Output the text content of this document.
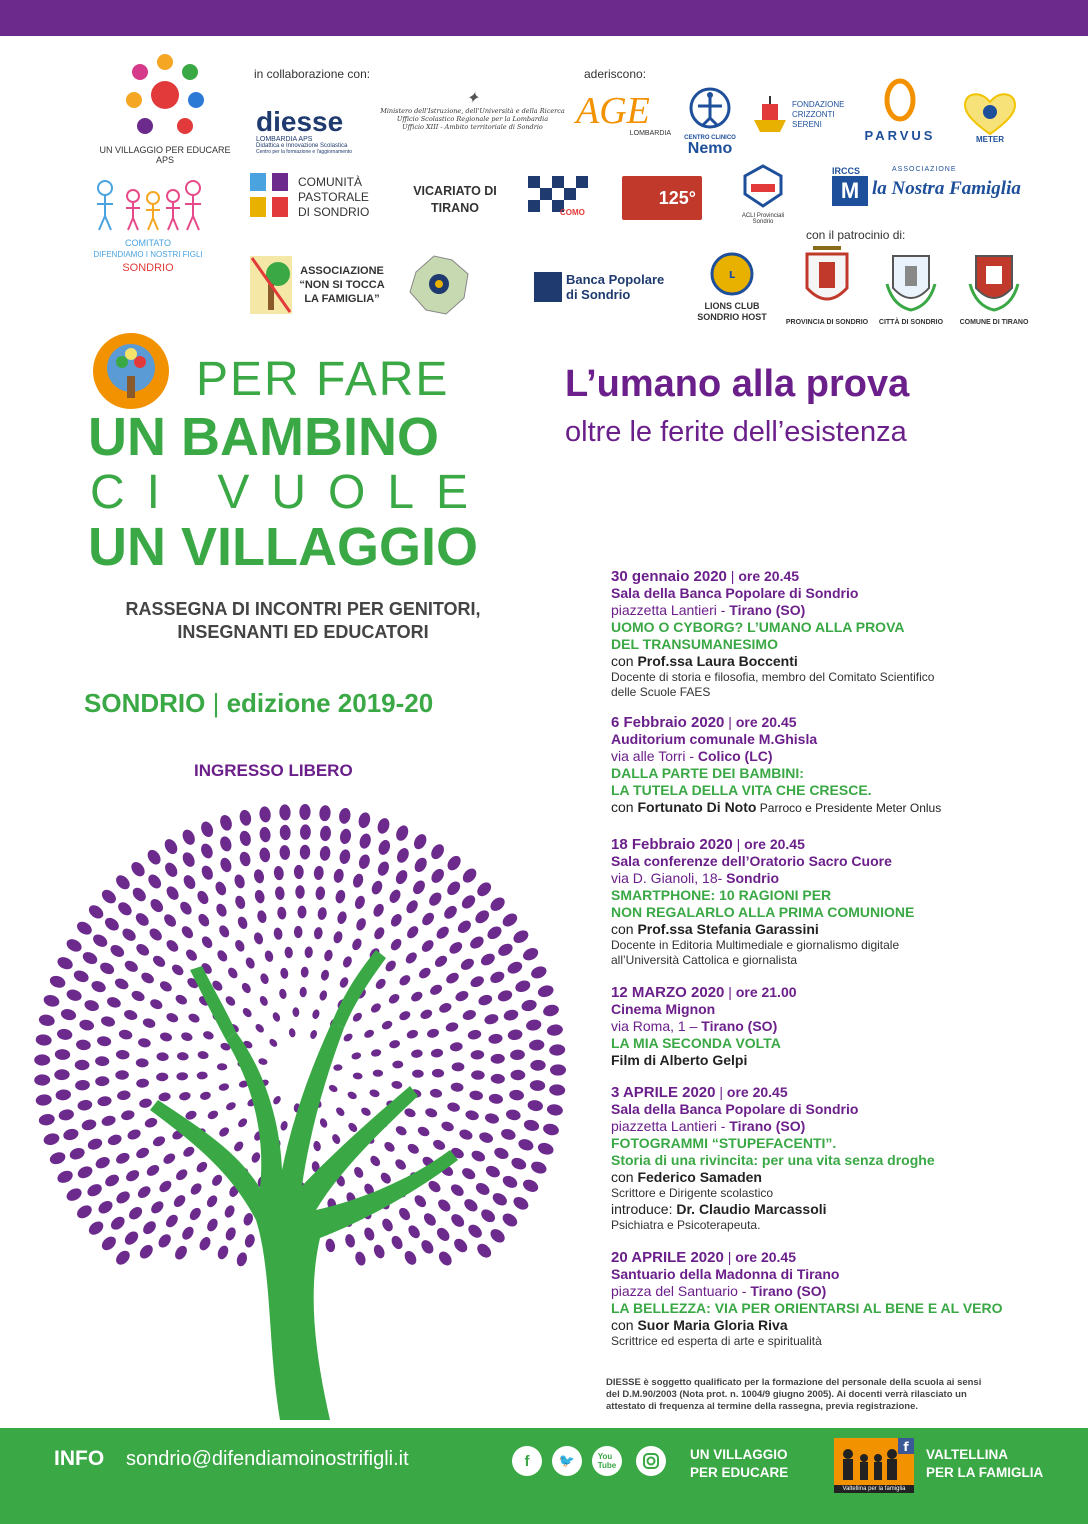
in collaborazione con:	aderiscono:
con il patrocinio di:
UN VILLAGGIO PER EDUCARE APS
COMITATO
DIFENDIAMO I NOSTRI FIGLI
SONDRIO
diesse
LOMBARDIA APS
Didattica e Innovazione Scolastica
Centro per la formazione e l'aggiornamento
✦
Ministero dell'Istruzione, dell'Università e della Ricerca
Ufficio Scolastico Regionale per la Lombardia
Ufficio XIII - Ambito territoriale di Sondrio AGE
LOMBARDIA
CENTRO CLINICO
Nemo
FONDAZIONE CRIZZONTI SERENI
PARVUS	METER
COMUNITÀ PASTORALE DI SONDRIO
VICARIATO DI TIRANO	COMO
125°
ACLI Provinciali Sondrio
IRCCS	ASSOCIAZIONE
M la Nostra Famiglia
ASSOCIAZIONE “NON SI TOCCA LA FAMIGLIA”
Banca Popolare di Sondrio
L
LIONS CLUB SONDRIO HOST
PROVINCIA DI SONDRIO	CITTÀ DI SONDRIO	COMUNE DI TIRANO
PER FARE
UN BAMBINO
CI VUOLE
UN VILLAGGIO
RASSEGNA DI INCONTRI PER GENITORI,
INSEGNANTI ED EDUCATORI
SONDRIO | edizione 2019-20
INGRESSO LIBERO
L’umano alla prova
oltre le ferite dell’esistenza
30 gennaio 2020 | ore 20.45
Sala della Banca Popolare di Sondrio
piazzetta Lantieri - Tirano (SO)
UOMO O CYBORG? L’UMANO ALLA PROVA
DEL TRANSUMANESIMO
con Prof.ssa Laura Boccenti
Docente di storia e filosofia, membro del Comitato Scientifico
delle Scuole FAES
6 Febbraio 2020 | ore 20.45
Auditorium comunale M.Ghisla
via alle Torri - Colico (LC)
DALLA PARTE DEI BAMBINI:
LA TUTELA DELLA VITA CHE CRESCE.
con Fortunato Di Noto Parroco e Presidente Meter Onlus
18 Febbraio 2020 | ore 20.45
Sala conferenze dell’Oratorio Sacro Cuore
via D. Gianoli, 18- Sondrio
SMARTPHONE: 10 RAGIONI PER
NON REGALARLO ALLA PRIMA COMUNIONE
con Prof.ssa Stefania Garassini
Docente in Editoria Multimediale e giornalismo digitale
all’Università Cattolica e giornalista
12 MARZO 2020 | ore 21.00
Cinema Mignon
via Roma, 1 – Tirano (SO)
LA MIA SECONDA VOLTA
Film di Alberto Gelpi
3 APRILE 2020 | ore 20.45
Sala della Banca Popolare di Sondrio
piazzetta Lantieri - Tirano (SO)
FOTOGRAMMI “STUPEFACENTI”.
Storia di una rivincita: per una vita senza droghe
con Federico Samaden
Scrittore e Dirigente scolastico
introduce: Dr. Claudio Marcassoli
Psichiatra e Psicoterapeuta.
20 APRILE 2020 | ore 20.45
Santuario della Madonna di Tirano
piazza del Santuario - Tirano (SO)
LA BELLEZZA: VIA PER ORIENTARSI AL BENE E AL VERO
con Suor Maria Gloria Riva
Scrittrice ed esperta di arte e spiritualità
DIESSE è soggetto qualificato per la formazione del personale della scuola ai sensi
del D.M.90/2003 (Nota prot. n. 1004/9 giugno 2005). Ai docenti verrà rilasciato un
attestato di frequenza al termine della rassegna, previa registrazione.
INFO sondrio@difendiamoinostrifigli.it	f	🐦	You
Tube
UN VILLAGGIO
PER EDUCARE
f
Valtellina per la famiglia
VALTELLINA
PER LA FAMIGLIA
